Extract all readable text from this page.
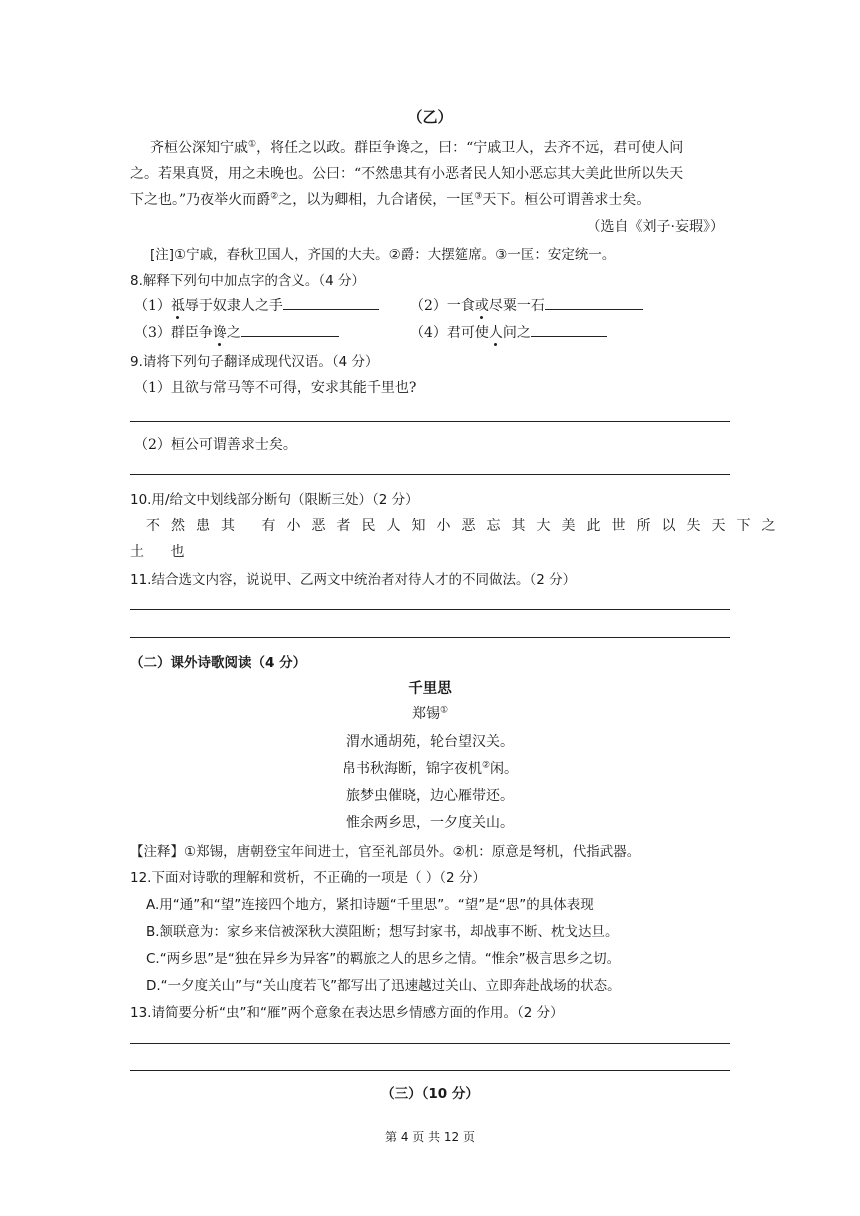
（乙）
齐桓公深知宁戚①，将任之以政。群臣争谗之，曰：“宁戚卫人，去齐不远，君可使人问
之。若果真贤，用之未晚也。公曰：“不然患其有小恶者民人知小恶忘其大美此世所以失天
下之也。”乃夜举火而爵②之，以为卿相，九合诸侯，一匡③天下。桓公可谓善求士矣。
（选自《刘子·妄瑕》）
[注]①宁戚，春秋卫国人，齐国的大夫。②爵：大摆筵席。③一匡：安定统一。
8.解释下列句中加点字的含义。（4 分）
（1）祗辱于奴隶人之手	（2）一食或尽粟一石
（3）群臣争谗之	（4）君可使人问之
9.请将下列句子翻译成现代汉语。（4 分）
（1）且欲与常马等不可得，安求其能千里也?
（2）桓公可谓善求士矣。
10.用/给文中划线部分断句（限断三处）（2 分）
不然患其 有小恶者民人知小恶忘其大美此世所以失天下之
土 也
11.结合选文内容，说说甲、乙两文中统治者对待人才的不同做法。（2 分）
（二）课外诗歌阅读（4 分）
千里思
郑锡①
渭水通胡苑，轮台望汉关。
帛书秋海断，锦字夜机②闲。
旅梦虫催晓，边心雁带还。
惟余两乡思，一夕度关山。
【注释】①郑锡，唐朝登宝年间进士，官至礼部员外。②机：原意是弩机，代指武器。
12.下面对诗歌的理解和赏析，不正确的一项是（ ）（2 分）
A.用“通”和“望”连接四个地方，紧扣诗题“千里思”。“望”是“思”的具体表现
B.颔联意为：家乡来信被深秋大漠阻断；想写封家书，却战事不断、枕戈达旦。
C.“两乡思”是“独在异乡为异客”的羁旅之人的思乡之情。“惟余”极言思乡之切。
D.“一夕度关山”与“关山度若飞”都写出了迅速越过关山、立即奔赴战场的状态。
13.请简要分析“虫”和“雁”两个意象在表达思乡情感方面的作用。（2 分）
（三）（10 分）
第 4 页 共 12 页
